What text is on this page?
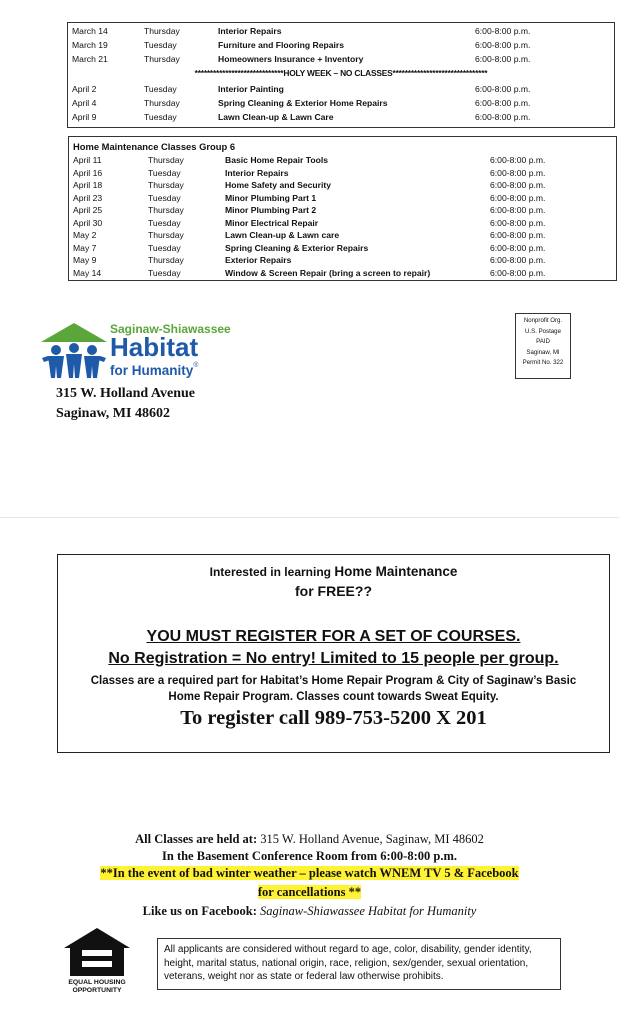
March 14	Thursday	Interior Repairs	6:00-8:00 p.m.
March 19	Tuesday	Furniture and Flooring Repairs	6:00-8:00 p.m.
March 21	Thursday	Homeowners Insurance + Inventory	6:00-8:00 p.m.
*****************************HOLY WEEK – NO CLASSES*******************************
April 2	Tuesday	Interior Painting	6:00-8:00 p.m.
April 4	Thursday	Spring Cleaning & Exterior Home Repairs	6:00-8:00 p.m.
April 9	Tuesday	Lawn Clean-up & Lawn Care	6:00-8:00 p.m.
Home Maintenance Classes Group 6
April 11	Thursday	Basic Home Repair Tools	6:00-8:00 p.m.
April 16	Tuesday	Interior Repairs	6:00-8:00 p.m.
April 18	Thursday	Home Safety and Security	6:00-8:00 p.m.
April 23	Tuesday	Minor Plumbing Part 1	6:00-8:00 p.m.
April 25	Thursday	Minor Plumbing Part 2	6:00-8:00 p.m.
April 30	Tuesday	Minor Electrical Repair	6:00-8:00 p.m.
May 2	Thursday	Lawn Clean-up & Lawn care	6:00-8:00 p.m.
May 7	Tuesday	Spring Cleaning & Exterior Repairs	6:00-8:00 p.m.
May 9	Thursday	Exterior Repairs	6:00-8:00 p.m.
May 14	Tuesday	Window & Screen Repair (bring a screen to repair)	6:00-8:00 p.m.
Saginaw-Shiawassee
Habitat
for Humanity®
315 W. Holland Avenue
Saginaw, MI 48602
Nonprofit Org.
U.S. Postage
PAID
Saginaw, MI
Permit No. 322
Interested in learning Home Maintenance
for FREE??
YOU MUST REGISTER FOR A SET OF COURSES.
No Registration = No entry! Limited to 15 people per group.
Classes are a required part for Habitat’s Home Repair Program & City of Saginaw’s Basic
Home Repair Program. Classes count towards Sweat Equity.
To register call 989-753-5200 X 201
All Classes are held at: 315 W. Holland Avenue, Saginaw, MI 48602
In the Basement Conference Room from 6:00-8:00 p.m.
**In the event of bad winter weather – please watch WNEM TV 5 & Facebook
for cancellations **
Like us on Facebook: Saginaw-Shiawassee Habitat for Humanity
EQUAL HOUSING
OPPORTUNITY
All applicants are considered without regard to age, color, disability, gender identity, height, marital status, national origin, race, religion, sex/gender, sexual orientation, veterans, weight nor as state or federal law otherwise prohibits.
